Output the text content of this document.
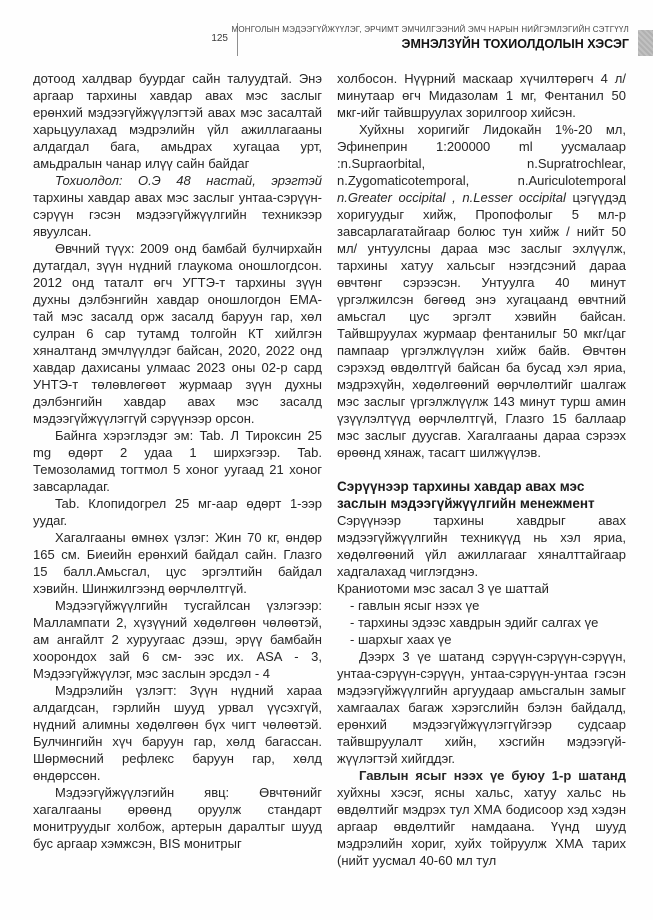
125
МОНГОЛЫН МЭДЭЭГҮЙЖҮҮЛЭГ, ЭРЧИМТ ЭМЧИЛГЭЭНИЙ ЭМЧ НАРЫН НИЙГЭМЛЭГИЙН СЭТГҮҮЛ
ЭМНЭЛЗҮЙН ТОХИОЛДОЛЫН ХЭСЭГ

дотоод халдвар буурдаг сайн талуудтай. Энэ аргаар тархины хавдар авах мэс заслыг ерөнхий мэдээгүйжүүлэгтэй авах мэс засалтай харьцуулахад мэдрэлийн үйл ажиллагааны алдагдал бага, амьдрах хугацаа урт, амьдралын чанар илүү сайн байдаг

Тохиолдол: О.Э 48 настай, эрэгтэй тархины хавдар авах мэс заслыг унтаа-сэрүүн-сэрүүн гэсэн мэдээгүйжүүлгийн техникээр явуулсан.

Өвчний түүх: 2009 онд бамбай булчирхайн дутагдал, зүүн нүдний глаукома оношлогдсон. 2012 онд таталт өгч УГТЭ-т тархины зүүн духны дэлбэнгийн хавдар оношлогдон ЕМА-тай мэс засалд орж засалд баруун гар, хөл сулран 6 сар тутамд толгойн КТ хийлгэн хяналтанд эмчлүүлдэг байсан, 2020, 2022 онд хавдар дахисаны улмаас 2023 оны 02-р сард УНТЭ-т төлөвлөгөөт журмаар зүүн духны дэлбэнгийн хавдар авах мэс засалд мэдээгүйжүүлэггүй сэрүүнээр орсон.

Байнга хэрэглэдэг эм: Tab. Л Тироксин 25 mg өдөрт 2 удаа 1 ширхэгээр. Tab. Темозоламид тогтмол 5 хоног уугаад 21 хоног завсарладаг.

Tab. Клопидогрел 25 мг-аар өдөрт 1-ээр уудаг.

Хагалгааны өмнөх үзлэг: Жин 70 кг, өндөр 165 см. Биеийн ерөнхий байдал сайн. Глазго 15 балл.Амьсгал, цус эргэлтийн байдал хэвийн. Шинжилгээнд өөрчлөлтгүй.

Мэдээгүйжүүлгийн тусгайлсан үзлэгээр: Маллампати 2, хүзүүний хөдөлгөөн чөлөөтэй, ам ангайлт 2 хуруугаас дээш, эрүү бамбайн хоорондох зай 6 см- ээс их. ASA - 3, Мэдээгүйжүүлэг, мэс заслын эрсдэл - 4

Мэдрэлийн үзлэгт: Зүүн нүдний хараа алдагдсан, гэрлийн шууд урвал үүсэхгүй, нүдний алимны хөдөлгөөн бүх чигт чөлөөтэй. Булчингийн хүч баруун гар, хөлд багассан. Шөрмөсний рефлекс баруун гар, хөлд өндөрссөн.

Мэдээгүйжүүлэгийн явц: Өвчтөнийг хагалгааны өрөөнд оруулж стандарт монитруудыг холбож, артерын даралтыг шууд бус аргаар хэмжсэн, BIS монитрыг

холбосон. Нүүрний маскаар хүчилтөрөгч 4 л/минутаар өгч Мидазолам 1 мг, Фентанил 50 мкг-ийг тайвшруулах зорилгоор хийсэн.

Хуйхны хоригийг Лидокайн 1%-20 мл, Эфинеприн 1:200000 ml уусмалаар :n.Supraorbital, n.Supratrochlear, n.Zygomaticotemporal, n.Auriculotemporal n.Greater occipital , n.Lesser occipital цэгүүдэд хоригуудыг хийж, Пропофолыг 5 мл-р завсарлагатайгаар болюс тун хийж / нийт 50 мл/ унтуулсны дараа мэс заслыг эхлүүлж, тархины хатуу хальсыг нээгдсэний дараа өвчтөнг сэрээсэн. Унтуулга 40 минут үргэлжилсэн бөгөөд энэ хугацаанд өвчтний амьсгал цус эргэлт хэвийн байсан. Тайвшруулах журмаар фентанилыг 50 мкг/цаг пампаар үргэлжлүүлэн хийж байв. Өвчтөн сэрэхэд өвдөлтгүй байсан ба бусад хэл яриа, мэдрэхүйн, хөдөлгөөний өөрчлөлтийг шалгаж мэс заслыг үргэлжлүүлж 143 минут турш амин үзүүлэлтүүд өөрчлөлтгүй, Глазго 15 баллаар мэс заслыг дуусгав. Хагалгааны дараа сэрээх өрөөнд хянаж, тасагт шилжүүлэв.

Сэрүүнээр тархины хавдар авах мэс заслын мэдээгүйжүүлгийн менежмент

Сэрүүнээр тархины хавдрыг авах мэдээгүйжүүлгийн техникүүд нь хэл яриа, хөдөлгөөний үйл ажиллагааг хяналттайгаар хадгалахад чиглэгдэнэ.

Краниотоми мэс засал 3 үе шаттай

- гавлын ясыг нээх үе

- тархины эдээс хавдрын эдийг салгах үе

- шархыг хаах үе

Дээрх 3 үе шатанд сэрүүн-сэрүүн-сэрүүн, унтаа-сэрүүн-сэрүүн, унтаа-сэрүүн-унтаа гэсэн мэдээгүйжүүлгийн аргуудаар амьсгалын замыг хамгаалах багаж хэрэгслийн бэлэн байдалд, ерөнхий мэдээгүйжүүлэггүйгээр судсаар тайвшруулалт хийн, хэсгийн мэдээгүй-жүүлэгтэй хийгддэг.

Гавлын ясыг нээх үе буюу 1-р шатанд хуйхны хэсэг, ясны хальс, хатуу хальс нь өвдөлтийг мэдрэх тул ХМА бодисоор хэд хэдэн аргаар өвдөлтийг намдаана. Үүнд шууд мэдрэлийн хориг, хуйх тойруулж ХМА тарих (нийт уусмал 40-60 мл тул
